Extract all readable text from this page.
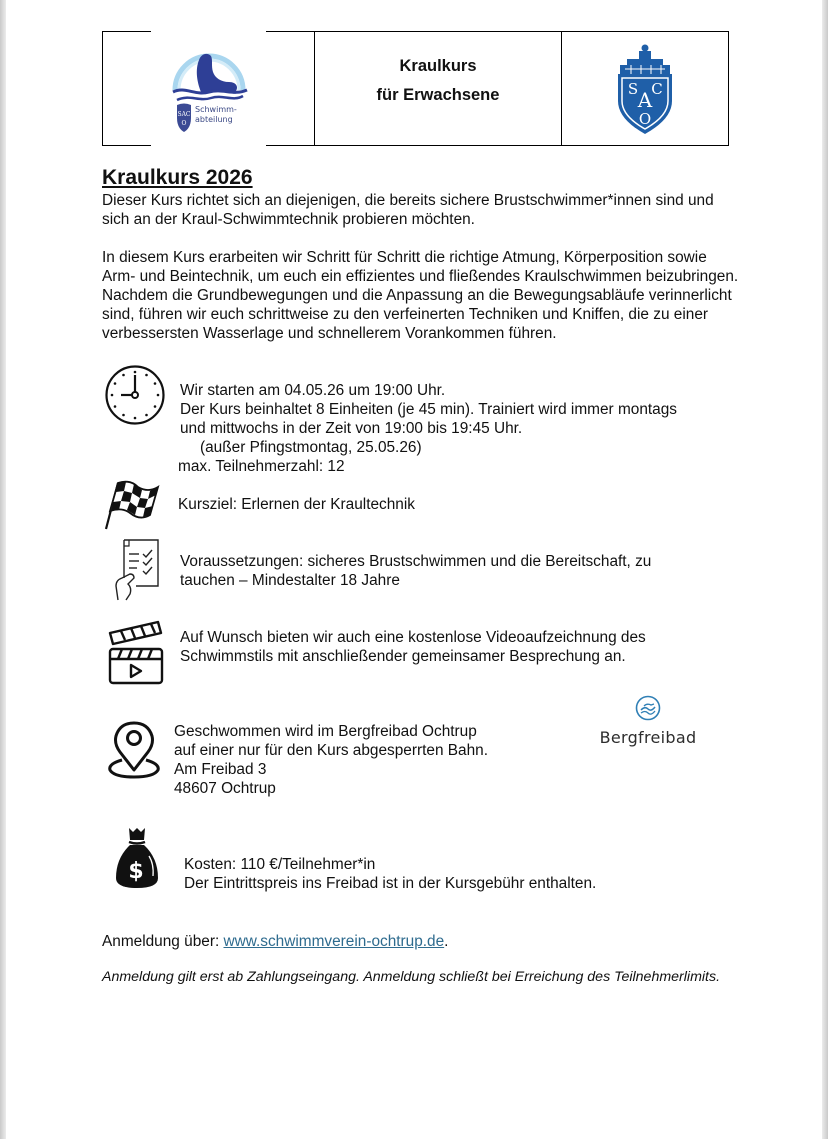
SAC
O
Schwimm-
abteilung
Kraulkurs
für Erwachsene	S C
A
O
Kraulkurs 2026
Dieser Kurs richtet sich an diejenigen, die bereits sichere Brustschwimmer*innen sind und sich an der Kraul-Schwimmtechnik probieren möchten.
In diesem Kurs erarbeiten wir Schritt für Schritt die richtige Atmung, Körperposition sowie Arm- und Beintechnik, um euch ein effizientes und fließendes Kraulschwimmen beizubringen. Nachdem die Grundbewegungen und die Anpassung an die Bewegungsabläufe verinnerlicht sind, führen wir euch schrittweise zu den verfeinerten Techniken und Kniffen, die zu einer verbessersten Wasserlage und schnellerem Vorankommen führen.
Wir starten am 04.05.26 um 19:00 Uhr.
Der Kurs beinhaltet 8 Einheiten (je 45 min). Trainiert wird immer montags
und mittwochs in der Zeit von 19:00 bis 19:45 Uhr.
(außer Pfingstmontag, 25.05.26)
max. Teilnehmerzahl: 12
Kursziel: Erlernen der Kraultechnik
Voraussetzungen: sicheres Brustschwimmen und die Bereitschaft, zu
tauchen – Mindestalter 18 Jahre
Auf Wunsch bieten wir auch eine kostenlose Videoaufzeichnung des
Schwimmstils mit anschließender gemeinsamer Besprechung an.
Geschwommen wird im Bergfreibad Ochtrup
auf einer nur für den Kurs abgesperrten Bahn.
Am Freibad 3
48607 Ochtrup
Bergfreibad
$	Kosten: 110 €/Teilnehmer*in
Der Eintrittspreis ins Freibad ist in der Kursgebühr enthalten.
Anmeldung über: www.schwimmverein-ochtrup.de.
Anmeldung gilt erst ab Zahlungseingang. Anmeldung schließt bei Erreichung des Teilnehmerlimits.
